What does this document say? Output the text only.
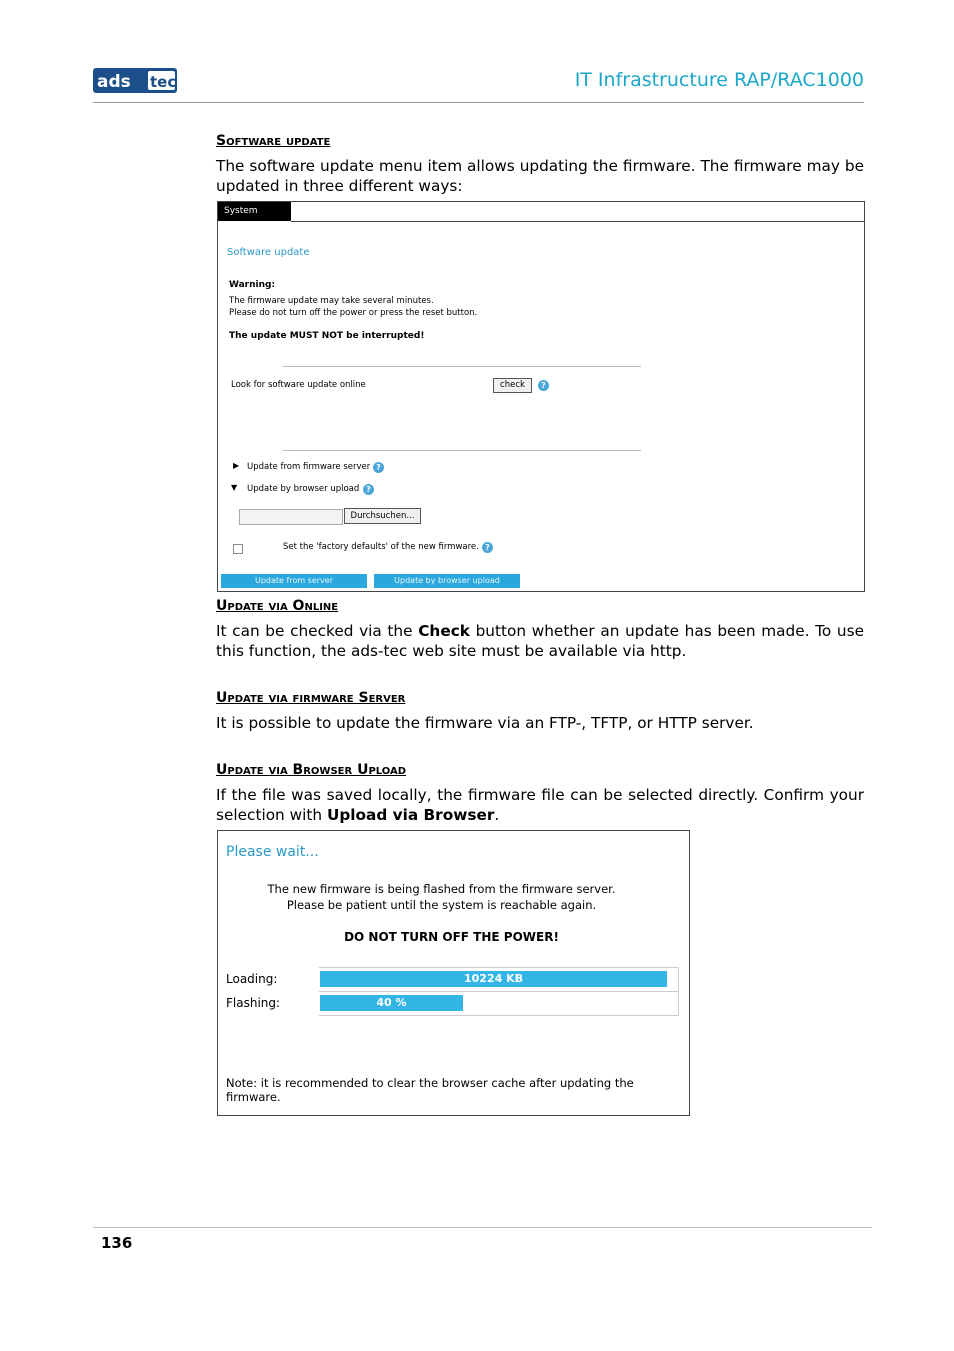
ads tec	IT Infrastructure RAP/RAC1000
Software update
The software update menu item allows updating the firmware. The firmware may be updated in three different ways:
System
Software update
Warning:
The firmware update may take several minutes.
Please do not turn off the power or press the reset button.
The update MUST NOT be interrupted!
Look for software update online	check	?
▶ Update from firmware server ?
▼ Update by browser upload ?
Durchsuchen...
Set the 'factory defaults' of the new firmware. ?
Update from server	Update by browser upload
Update via Online
It can be checked via the Check button whether an update has been made. To use this function, the ads-tec web site must be available via http.
Update via firmware Server
It is possible to update the firmware via an FTP-, TFTP, or HTTP server.
Update via Browser Upload
If the file was saved locally, the firmware file can be selected directly. Confirm your selection with Upload via Browser.
Please wait...
The new firmware is being flashed from the firmware server.
Please be patient until the system is reachable again.
DO NOT TURN OFF THE POWER!
Loading:	10224 KB
Flashing:	40 %
Note: it is recommended to clear the browser cache after updating the firmware.
136
